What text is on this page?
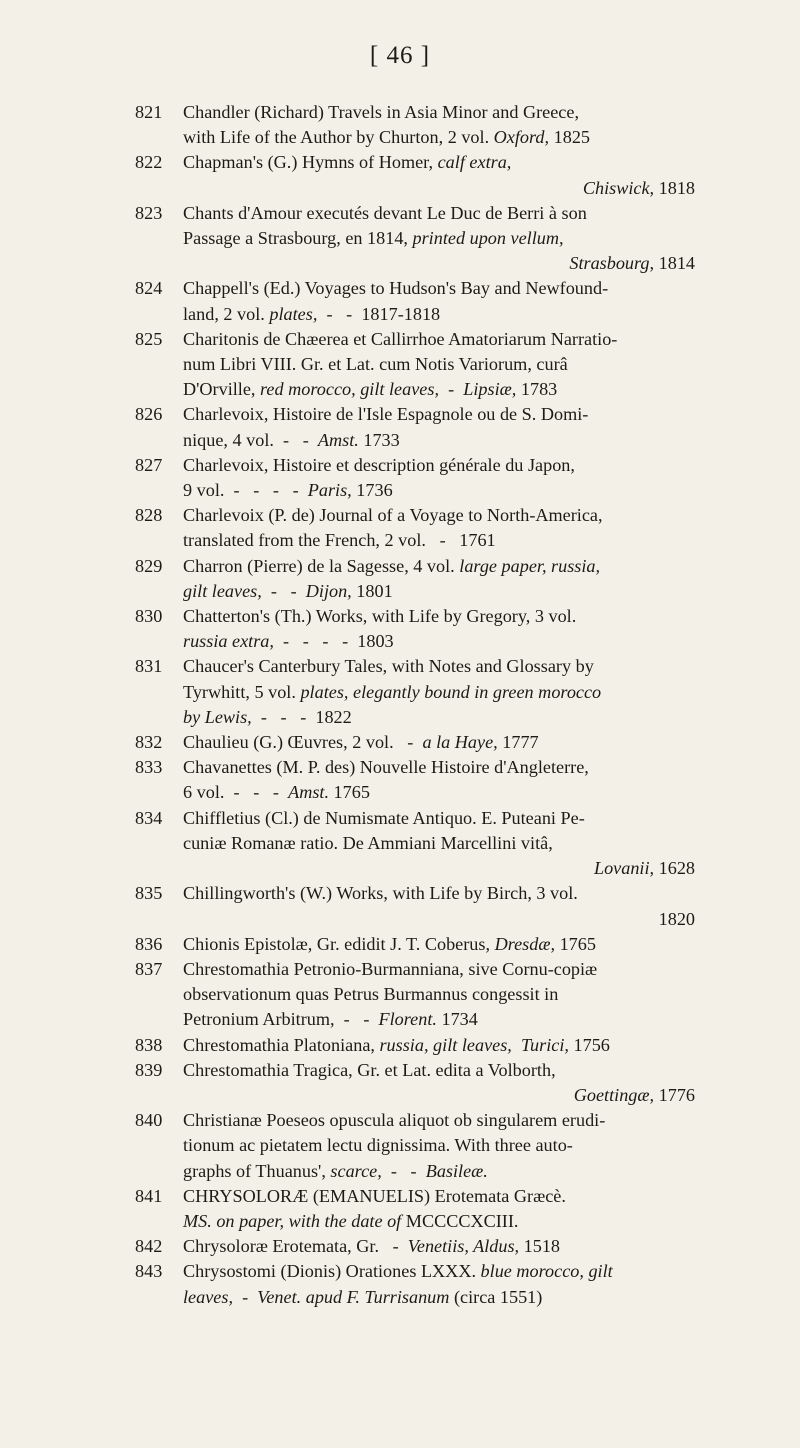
[ 46 ]
821 Chandler (Richard) Travels in Asia Minor and Greece,
with Life of the Author by Churton, 2 vol. Oxford, 1825
822 Chapman's (G.) Hymns of Homer, calf extra,
Chiswick, 1818
823 Chants d'Amour executés devant Le Duc de Berri à son
Passage a Strasbourg, en 1814, printed upon vellum,
Strasbourg, 1814
824 Chappell's (Ed.) Voyages to Hudson's Bay and Newfound-
land, 2 vol. plates,  -   -  1817-1818
825 Charitonis de Chæerea et Callirrhoe Amatoriarum Narratio-
num Libri VIII. Gr. et Lat. cum Notis Variorum, curâ
D'Orville, red morocco, gilt leaves,  -  Lipsiæ, 1783
826 Charlevoix, Histoire de l'Isle Espagnole ou de S. Domi-
nique, 4 vol.  -   -  Amst. 1733
827 Charlevoix, Histoire et description générale du Japon,
9 vol.  -   -   -   -  Paris, 1736
828 Charlevoix (P. de) Journal of a Voyage to North-America,
translated from the French, 2 vol.   -   1761
829 Charron (Pierre) de la Sagesse, 4 vol. large paper, russia,
gilt leaves,  -   -  Dijon, 1801
830 Chatterton's (Th.) Works, with Life by Gregory, 3 vol.
russia extra,  -   -   -   -  1803
831 Chaucer's Canterbury Tales, with Notes and Glossary by
Tyrwhitt, 5 vol. plates, elegantly bound in green morocco
by Lewis,  -   -   -  1822
832 Chaulieu (G.) Œuvres, 2 vol.   -  a la Haye, 1777
833 Chavanettes (M. P. des) Nouvelle Histoire d'Angleterre,
6 vol.  -   -   -  Amst. 1765
834 Chiffletius (Cl.) de Numismate Antiquo. E. Puteani Pe-
cuniæ Romanæ ratio. De Ammiani Marcellini vitâ,
Lovanii, 1628
835 Chillingworth's (W.) Works, with Life by Birch, 3 vol.
1820
836 Chionis Epistolæ, Gr. edidit J. T. Coberus, Dresdæ, 1765
837 Chrestomathia Petronio-Burmanniana, sive Cornu-copiæ
observationum quas Petrus Burmannus congessit in
Petronium Arbitrum,  -   -  Florent. 1734
838 Chrestomathia Platoniana, russia, gilt leaves, Turici, 1756
839 Chrestomathia Tragica, Gr. et Lat. edita a Volborth,
Goettingæ, 1776
840 Christianæ Poeseos opuscula aliquot ob singularem erudi-
tionum ac pietatem lectu dignissima. With three auto-
graphs of Thuanus', scarce,  -   -  Basileæ.
841 CHRYSOLORÆ (EMANUELIS) Erotemata Græcè.
MS. on paper, with the date of MCCCCXCIII.
842 Chrysoloræ Erotemata, Gr.   -  Venetiis, Aldus, 1518
843 Chrysostomi (Dionis) Orationes LXXX. blue morocco, gilt
leaves,  -  Venet. apud F. Turrisanum (circa 1551)
